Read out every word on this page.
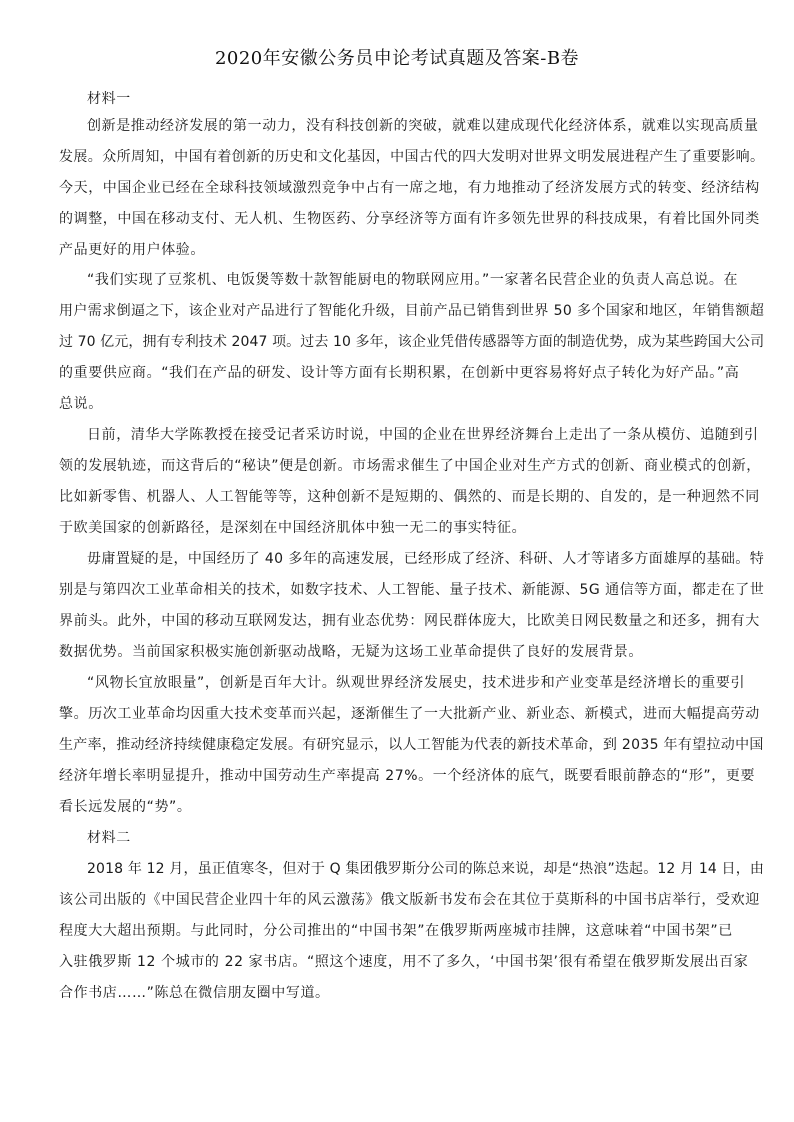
2020年安徽公务员申论考试真题及答案-B卷
材料一
创新是推动经济发展的第一动力，没有科技创新的突破，就难以建成现代化经济体系，就难以实现高质量
发展。众所周知，中国有着创新的历史和文化基因，中国古代的四大发明对世界文明发展进程产生了重要影响。
今天，中国企业已经在全球科技领域激烈竞争中占有一席之地，有力地推动了经济发展方式的转变、经济结构
的调整，中国在移动支付、无人机、生物医药、分享经济等方面有许多领先世界的科技成果，有着比国外同类
产品更好的用户体验。
“我们实现了豆浆机、电饭煲等数十款智能厨电的物联网应用。”一家著名民营企业的负责人高总说。在
用户需求倒逼之下，该企业对产品进行了智能化升级，目前产品已销售到世界 50 多个国家和地区，年销售额超
过 70 亿元，拥有专利技术 2047 项。过去 10 多年，该企业凭借传感器等方面的制造优势，成为某些跨国大公司
的重要供应商。“我们在产品的研发、设计等方面有长期积累，在创新中更容易将好点子转化为好产品。”高
总说。
日前，清华大学陈教授在接受记者采访时说，中国的企业在世界经济舞台上走出了一条从模仿、追随到引
领的发展轨迹，而这背后的“秘诀”便是创新。市场需求催生了中国企业对生产方式的创新、商业模式的创新，
比如新零售、机器人、人工智能等等，这种创新不是短期的、偶然的、而是长期的、自发的，是一种迥然不同
于欧美国家的创新路径，是深刻在中国经济肌体中独一无二的事实特征。
毋庸置疑的是，中国经历了 40 多年的高速发展，已经形成了经济、科研、人才等诸多方面雄厚的基础。特
别是与第四次工业革命相关的技术，如数字技术、人工智能、量子技术、新能源、5G 通信等方面，都走在了世
界前头。此外，中国的移动互联网发达，拥有业态优势：网民群体庞大，比欧美日网民数量之和还多，拥有大
数据优势。当前国家积极实施创新驱动战略，无疑为这场工业革命提供了良好的发展背景。
“风物长宜放眼量”，创新是百年大计。纵观世界经济发展史，技术进步和产业变革是经济增长的重要引
擎。历次工业革命均因重大技术变革而兴起，逐渐催生了一大批新产业、新业态、新模式，进而大幅提高劳动
生产率，推动经济持续健康稳定发展。有研究显示，以人工智能为代表的新技术革命，到 2035 年有望拉动中国
经济年增长率明显提升，推动中国劳动生产率提高 27%。一个经济体的底气，既要看眼前静态的“形”，更要
看长远发展的“势”。
材料二
2018 年 12 月，虽正值寒冬，但对于 Q 集团俄罗斯分公司的陈总来说，却是“热浪”迭起。12 月 14 日，由
该公司出版的《中国民营企业四十年的风云激荡》俄文版新书发布会在其位于莫斯科的中国书店举行，受欢迎
程度大大超出预期。与此同时，分公司推出的“中国书架”在俄罗斯两座城市挂牌，这意味着“中国书架”已
入驻俄罗斯 12 个城市的 22 家书店。“照这个速度，用不了多久，‘中国书架’很有希望在俄罗斯发展出百家
合作书店……”陈总在微信朋友圈中写道。
